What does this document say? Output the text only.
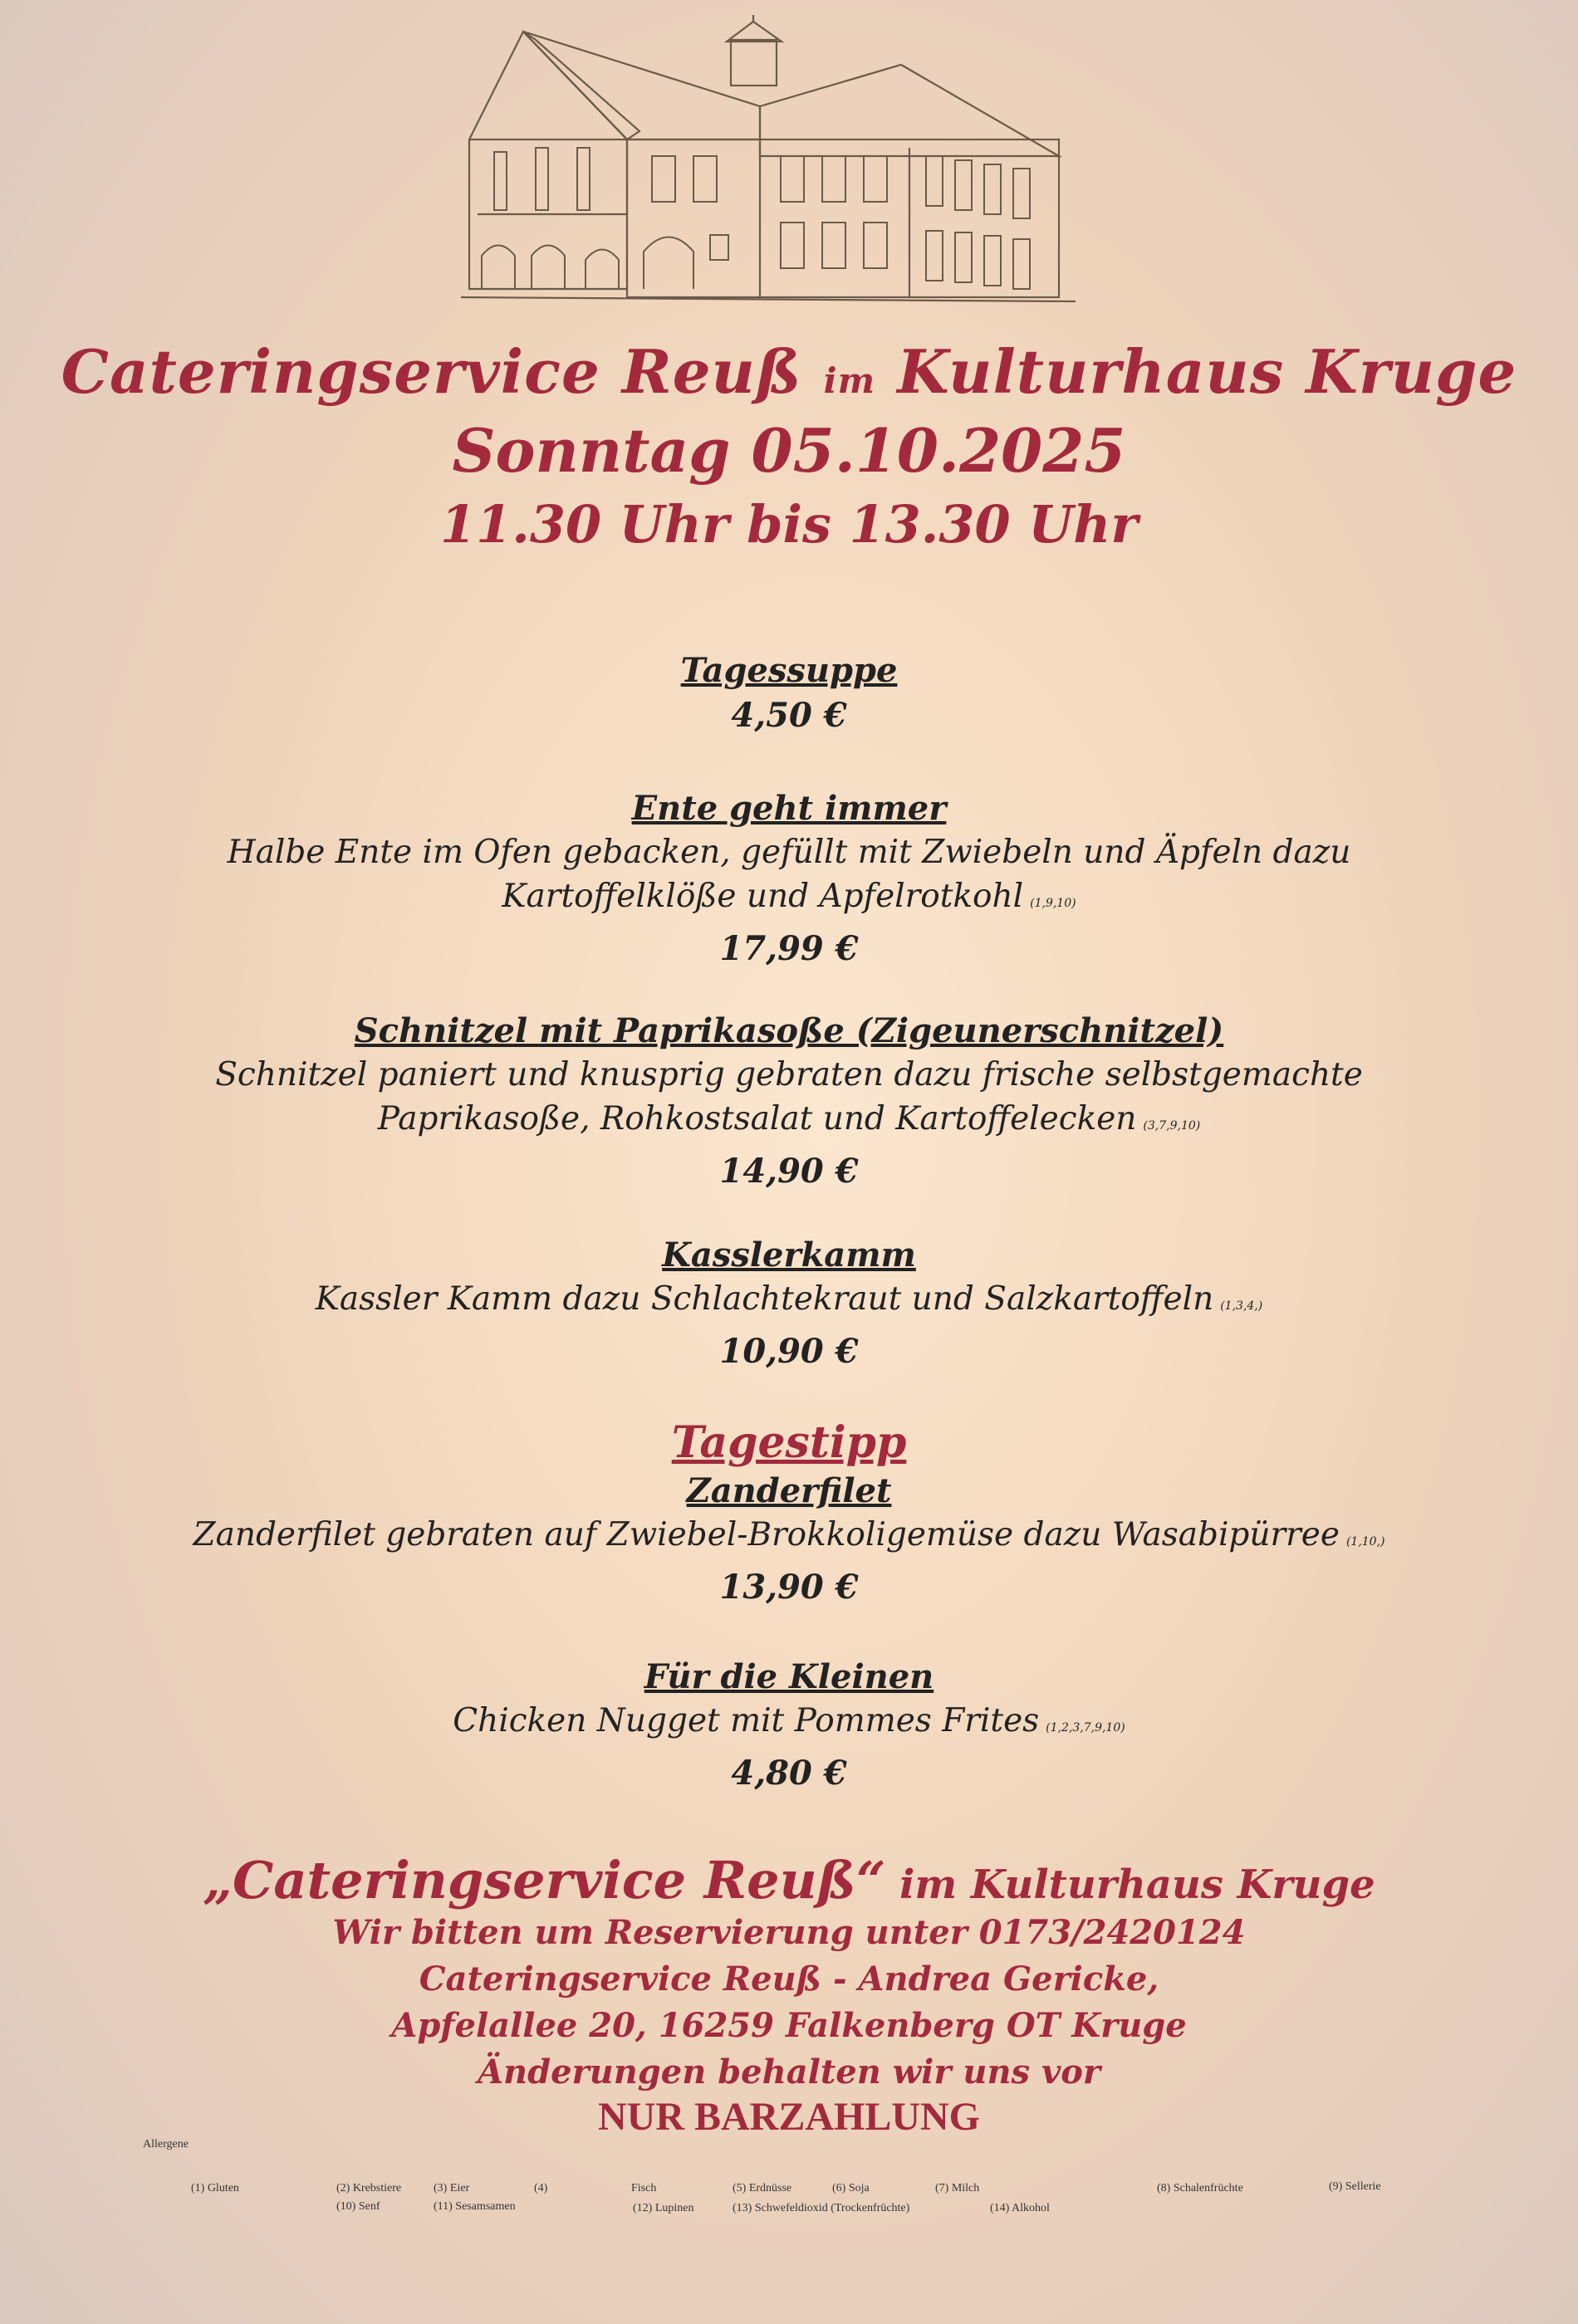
Cateringservice Reuß im Kulturhaus Kruge
Sonntag 05.10.2025
11.30 Uhr bis 13.30 Uhr
Tagessuppe
4,50 €
Ente geht immer
Halbe Ente im Ofen gebacken, gefüllt mit Zwiebeln und Äpfeln dazu
Kartoffelklöße und Apfelrotkohl (1,9,10)
17,99 €
Schnitzel mit Paprikasoße (Zigeunerschnitzel)
Schnitzel paniert und knusprig gebraten dazu frische selbstgemachte
Paprikasoße, Rohkostsalat und Kartoffelecken (3,7,9,10)
14,90 €
Kasslerkamm
Kassler Kamm dazu Schlachtekraut und Salzkartoffeln (1,3,4,)
10,90 €
Tagestipp
Zanderfilet
Zanderfilet gebraten auf Zwiebel-Brokkoligemüse dazu Wasabipürree (1,10,)
13,90 €
Für die Kleinen
Chicken Nugget mit Pommes Frites (1,2,3,7,9,10)
4,80 €
„Cateringservice Reuß“ im Kulturhaus Kruge
Wir bitten um Reservierung unter 0173/2420124
Cateringservice Reuß - Andrea Gericke,
Apfelallee 20, 16259 Falkenberg OT Kruge
Änderungen behalten wir uns vor
NUR BARZAHLUNG
Allergene
(1) Gluten	(2) Krebstiere	(3) Eier	(4)	Fisch	(5) Erdnüsse	(6) Soja	(7) Milch	(8) Schalenfrüchte	(9) Sellerie
(10) Senf	(11) Sesamsamen	(12) Lupinen	(13) Schwefeldioxid (Trockenfrüchte)	(14) Alkohol
